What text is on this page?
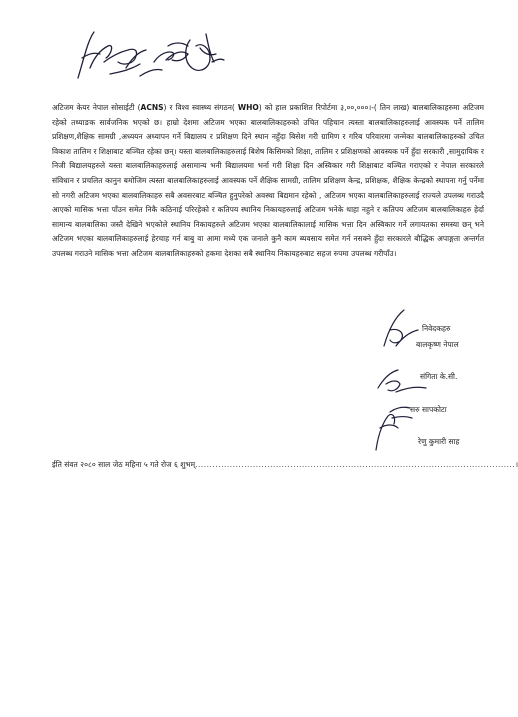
अटिजम केयर नेपाल सोसाईटी (ACNS) र विश्व स्वास्थ्य संगठन( WHO) को हाल प्रकाशित रिपोर्टमा ३,००,०००।-( तिन लाख) बालबालिकाहरुमा अटिजम रहेको तथ्याङक सार्वजनिक भएको छ। हाम्रो देशमा अटिजम भएका बालबालिकाहरुको उचित पहिचान त्यस्ता बालबालिकाहरुलाई आवस्यक पर्ने तालिम प्रशिक्षण,शैक्षिक सामग्री ,अध्ययन अध्यापन गर्ने बिद्यालय र प्रशिक्षण दिने स्थान नहुँदा बिसेश गरी ग्रामिण र गरिब परिवारमा जन्मेका बालबालिकाहरुको उचित विकाश तालिम र शिक्षाबाट बञ्चित रहेका छन्। यस्ता बालबालिकाहरुलाई बिशेष किसिमको शिक्षा, तालिम र प्रशिक्षणको आवस्यक पर्ने हुँदा सरकारी ,सामुदायिक र निजी बिद्यालयहरुले यस्ता बालबालिकाहरुलाई असामान्य भनी बिद्यालयमा भर्ना गरी शिक्षा दिन अस्विकार गरी शिक्षाबाट बञ्चित गराएको र नेपाल सरकारले संविधान र प्रचलित कानुन बमोजिम त्यस्ता बालबालिकाहरुलाई आवस्यक पर्ने शैक्षिक सामग्री, तालिम प्रशिक्षण केन्द्र, प्रशिक्षक, शैक्षिक केन्द्रको स्थापना गर्नु पर्नेमा सो नगरी अटिजम भएका बालबालिकाहरु सबै अवसरबाट बञ्चित हुनुपरेको अवस्था बिद्यमान रहेको , अटिजम भएका बालबालिकाहरुलाई राज्यले उपलब्ध गराउदै आएको मासिक भत्ता पाँउन समेत निकै कठिनाई परिरहेको र कतिपय स्थानिय निकायहरुलाई अटिजम भनेके थाहा नहुने र कतिपय अटिजम बालबालिकाहरु हेर्दा सामान्य बालबालिका जस्तै देखिने भएकोले स्थानिय निकायहरुले अटिजम भएका बालबालिकालाई मासिक भत्ता दिन अस्विकार गर्ने लगायतका समस्या छन् भने अटिजम भएका बालबालिकाहरुलाई हेरचाह गर्न बाबु वा आमा मध्ये एक जनाले कुनै काम ब्यवसाय समेत गर्न नसक्ने हुँदा सरकारले बौद्धिक अपाङ्गता अन्तर्गत उपलब्ध गराउने मासिक भत्ता अटिजम बालबालिकाहरुको हकमा देशका सबै स्थानिय निकायहरुबाट सहज रुपमा उपलब्ध गरीपाँउ।

निवेदकहरु
बालकृष्ण नेपाल
संगिता के.सी.
सरु सापकोटा
रेणु कुमारी साह
ईति संवत २०८० साल जेठ महिना ५ गते रोज ६ शुभम्...............................................................................................................।
